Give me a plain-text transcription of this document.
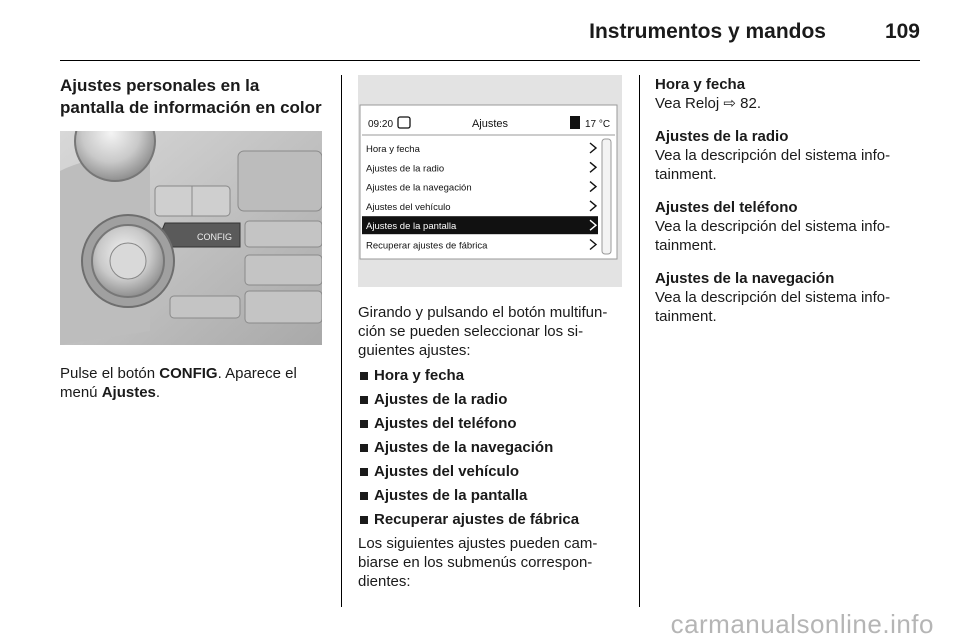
Instrumentos y mandos	109

Ajustes personales en la pantalla de información en color

CONFIG

Pulse el botón CONFIG. Aparece el menú Ajustes.

09:20	Ajustes	17 °C
Hora y fecha
Ajustes de la radio
Ajustes de la navegación
Ajustes del vehículo
Ajustes de la pantalla
Recuperar ajustes de fábrica

Girando y pulsando el botón multifunción se pueden seleccionar los siguientes ajustes:

Hora y fecha
Ajustes de la radio
Ajustes del teléfono
Ajustes de la navegación
Ajustes del vehículo
Ajustes de la pantalla
Recuperar ajustes de fábrica

Los siguientes ajustes pueden cambiarse en los submenús correspondientes:

Hora y fecha
Vea Reloj ⇨ 82.
Ajustes de la radio
Vea la descripción del sistema infotainment.
Ajustes del teléfono
Vea la descripción del sistema infotainment.
Ajustes de la navegación
Vea la descripción del sistema infotainment.
carmanualsonline.info
